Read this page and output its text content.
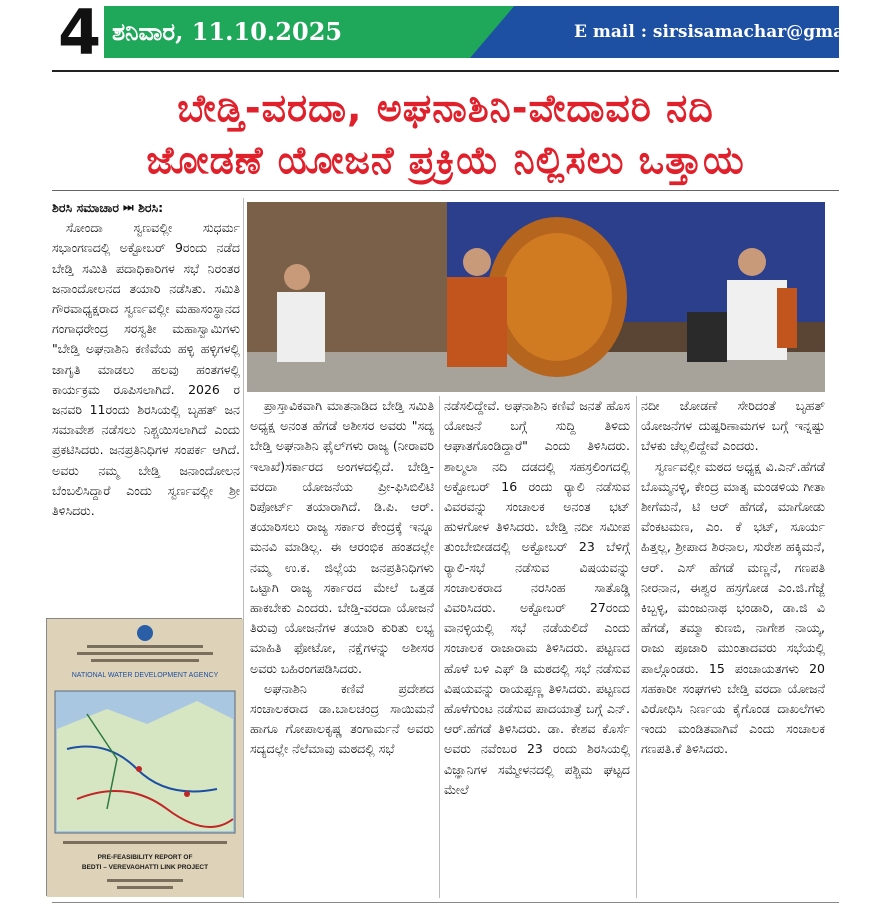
4 ಶನಿವಾರ, 11.10.2025	E mail : sirsisamachar@gmail.c
ಬೇಡ್ತಿ-ವರದಾ, ಅಘನಾಶಿನಿ-ವೇದಾವರಿ ನದಿ
ಜೋಡಣೆ ಯೋಜನೆ ಪ್ರಕ್ರಿಯೆ ನಿಲ್ಲಿಸಲು ಒತ್ತಾಯ
ಶಿರಸಿ ಸಮಾಚಾರ ⏭ ಶಿರಸಿ:

ಸೋಂದಾ ಸ್ವಣವಲ್ಲೀ ಸುಧರ್ಮ ಸಭಾಂಗಣದಲ್ಲಿ ಅಕ್ಟೋಬರ್ 9ರಂದು ನಡೆದ ಬೇಡ್ತಿ ಸಮಿತಿ ಪದಾಧಿಕಾರಿಗಳ ಸಭೆ ನಿರಂತರ ಜನಾಂದೋಲನದ ತಯಾರಿ ನಡೆಸಿತು. ಸಮಿತಿ ಗೌರವಾಧ್ಯಕ್ಷರಾದ ಸ್ವರ್ಣವಲ್ಲೀ ಮಹಾಸಂಸ್ಥಾನದ ಗಂಗಾಧರೇಂದ್ರ ಸರಸ್ವತೀ ಮಹಾಸ್ವಾಮಿಗಳು "ಬೇಡ್ತಿ ಅಘನಾಶಿನಿ ಕಣಿವೆಯ ಹಳ್ಳಿ ಹಳ್ಳಿಗಳಲ್ಲಿ ಜಾಗೃತಿ ಮಾಡಲು ಹಲವು ಹಂತಗಳಲ್ಲಿ ಕಾರ್ಯಕ್ರಮ ರೂಪಿಸಲಾಗಿದೆ. 2026 ರ ಜನವರಿ 11ರಂದು ಶಿರಸಿಯಲ್ಲಿ ಬೃಹತ್ ಜನ ಸಮಾವೇಶ ನಡೆಸಲು ನಿಶ್ಚಯಿಸಲಾಗಿದೆ ಎಂದು ಪ್ರಕಟಿಸಿದರು. ಜನಪ್ರತಿನಿಧಿಗಳ ಸಂಪರ್ಕ ಆಗಿದೆ. ಅವರು ನಮ್ಮ ಬೇಡ್ತಿ ಜನಾಂದೋಲನ ಬೆಂಬಲಿಸಿದ್ದಾರೆ ಎಂದು ಸ್ವರ್ಣವಲ್ಲೀ ಶ್ರೀ ತಿಳಿಸಿದರು.

NATIONAL WATER DEVELOPMENT AGENCY
PRE-FEASIBILITY REPORT OF
BEDTI – VEREVAGHATTI LINK PROJECT

ಪ್ರಾಸ್ತಾವಿಕವಾಗಿ ಮಾತನಾಡಿದ ಬೇಡ್ತಿ ಸಮಿತಿ ಅಧ್ಯಕ್ಷ ಅನಂತ ಹೆಗಡೆ ಅಶೀಸರ ಅವರು "ಸದ್ಯ ಬೇಡ್ತಿ ಅಘನಾಶಿನಿ ಫೈಲ್‌ಗಳು ರಾಜ್ಯ (ನೀರಾವರಿ ಇಲಾಖೆ)ಸರ್ಕಾರದ ಅಂಗಳದಲ್ಲಿದೆ. ಬೇಡ್ತಿ-ವರದಾ ಯೋಜನೆಯ ಪ್ರೀ-ಫಿಸಿಬಿಲಿಟಿ ರಿಪೋರ್ಟ್ ತಯಾರಾಗಿದೆ. ಡಿ.ಪಿ. ಆರ್. ತಯಾರಿಸಲು ರಾಜ್ಯ ಸರ್ಕಾರ ಕೇಂದ್ರಕ್ಕೆ ಇನ್ನೂ ಮನವಿ ಮಾಡಿಲ್ಲ. ಈ ಆರಂಭಿಕ ಹಂತದಲ್ಲೇ ನಮ್ಮ ಉ.ಕ. ಜಿಲ್ಲೆಯ ಜನಪ್ರತಿನಿಧಿಗಳು ಒಟ್ಟಾಗಿ ರಾಜ್ಯ ಸರ್ಕಾರದ ಮೇಲೆ ಒತ್ತಡ ಹಾಕಬೇಕು ಎಂದರು. ಬೇಡ್ತಿ-ವರದಾ ಯೋಜನೆ ತಿರುವು ಯೋಜನೆಗಳ ತಯಾರಿ ಕುರಿತು ಲಭ್ಯ ಮಾಹಿತಿ ಫೋಟೋ, ನಕ್ಷೆಗಳನ್ನು ಅಶೀಸರ ಅವರು ಬಹಿರಂಗಪಡಿಸಿದರು.

ಅಘನಾಶಿನಿ ಕಣಿವೆ ಪ್ರದೇಶದ ಸಂಚಾಲಕರಾದ ಡಾ.ಬಾಲಚಂದ್ರ ಸಾಯಿಮನೆ ಹಾಗೂ ಗೋಪಾಲಕೃಷ್ಣ ತಂಗಾರ್ಮನೆ ಅವರು ಸದ್ಯದಲ್ಲೇ ನೆಲೆಮಾವು ಮಠದಲ್ಲಿ ಸಭೆ

ನಡೆಸಲಿದ್ದೇವೆ. ಅಘನಾಶಿನಿ ಕಣಿವೆ ಜನತೆ ಹೊಸ ಯೋಜನೆ ಬಗ್ಗೆ ಸುದ್ದಿ ತಿಳಿದು ಆಘಾತಗೊಂಡಿದ್ದಾರೆ" ಎಂದು ತಿಳಿಸಿದರು. ಶಾಲ್ಮಲಾ ನದಿ ದಡದಲ್ಲಿ ಸಹಸ್ರಲಿಂಗದಲ್ಲಿ ಅಕ್ಟೋಬರ್ 16 ರಂದು ರ‍್ಯಾಲಿ ನಡೆಸುವ ವಿವರವನ್ನು ಸಂಚಾಲಕ ಅನಂತ ಭಟ್ ಹುಳಗೋಳ ತಿಳಿಸಿದರು. ಬೇಡ್ತಿ ನದೀ ಸಮೀಪ ತುಂಬೇಬೀಡದಲ್ಲಿ ಅಕ್ಟೋಬರ್ 23 ಬೆಳಿಗ್ಗೆ ರ‍್ಯಾಲಿ-ಸಭೆ ನಡೆಸುವ ವಿಷಯವನ್ನು ಸಂಚಾಲಕರಾದ ನರಸಿಂಹ ಸಾತೊಡ್ಡಿ ವಿವರಿಸಿದರು. ಅಕ್ಟೋಬರ್ 27ರಂದು ವಾನಳ್ಳಿಯಲ್ಲಿ ಸಭೆ ನಡೆಯಲಿದೆ ಎಂದು ಸಂಚಾಲಕ ರಾಜಾರಾಮ ತಿಳಿಸಿದರು. ಪಟ್ಟಣದ ಹೊಳೆ ಬಳಿ ಎಫ್ ಡಿ ಮಠದಲ್ಲಿ ಸಭೆ ನಡೆಸುವ ವಿಷಯವನ್ನು ರಾಯಪ್ಪಣ್ಣ ತಿಳಿಸಿದರು. ಪಟ್ಟಣದ ಹೊಳೆಗುಂಟ ನಡೆಸುವ ಪಾದಯಾತ್ರೆ ಬಗ್ಗೆ ಎನ್. ಆರ್.ಹೆಗಡೆ ತಿಳಿಸಿದರು. ಡಾ. ಕೇಶವ ಕೊರ್ಸೆ ಅವರು ನವೆಂಬರ 23 ರಂದು ಶಿರಸಿಯಲ್ಲಿ ವಿಜ್ಞಾನಿಗಳ ಸಮ್ಮೇಳನದಲ್ಲಿ ಪಶ್ಚಿಮ ಘಟ್ಟದ ಮೇಲೆ

ನದೀ ಜೋಡಣೆ ಸೇರಿದಂತೆ ಬೃಹತ್ ಯೋಜನೆಗಳ ದುಷ್ಪರಿಣಾಮಗಳ ಬಗ್ಗೆ ಇನ್ನಷ್ಟು ಬೆಳಕು ಚೆಲ್ಲಲಿದ್ದೇವೆ ಎಂದರು.

ಸ್ವರ್ಣವಲ್ಲೀ ಮಠದ ಅಧ್ಯಕ್ಷ ವಿ.ಎನ್.ಹೆಗಡೆ ಬೊಮ್ಮನಳ್ಳಿ, ಕೇಂದ್ರ ಮಾತೃ ಮಂಡಳಿಯ ಗೀತಾ ಶೀಗೆಮನೆ, ಟಿ ಆರ್ ಹೆಗಡೆ, ಮಾಗೋಡು ವೆಂಕಟಮಣ, ಎಂ. ಕೆ ಭಟ್, ಸೂರ್ಯ ಹಿತ್ತಲ್ಲ, ಶ್ರೀಪಾದ ಶಿರನಾಲ, ಸುರೇಶ ಹಕ್ಕಿಮನೆ, ಆರ್. ಎಸ್ ಹೆಗಡೆ ಮಣ್ಣನೆ, ಗಣಪತಿ ನೀರನಾನ, ಈಶ್ವರ ಹಸ್ರಗೋಡ ಎಂ.ಜಿ.ಗೆಜ್ಜೆ ಕಿಬ್ಬಳ್ಳಿ, ಮಂಜುನಾಥ ಭಂಡಾರಿ, ಡಾ.ಜಿ ವಿ ಹೆಗಡೆ, ತಮ್ಮಾ ಕುಣಬಿ, ನಾಗೇಶ ನಾಯ್ಕ, ರಾಜು ಪೂಜಾರಿ ಮುಂತಾದವರು ಸಭೆಯಲ್ಲಿ ಪಾಲ್ಗೊಂಡರು. 15 ಪಂಚಾಯತಗಳು 20 ಸಹಕಾರೀ ಸಂಘಗಳು ಬೇಡ್ತಿ ವರದಾ ಯೋಜನೆ ವಿರೋಧಿಸಿ ನಿರ್ಣಯ ಕೈಗೊಂಡ ದಾಖಲೆಗಳು ಇಂದು ಮಂಡಿತವಾಗಿವೆ ಎಂದು ಸಂಚಾಲಕ ಗಣಪತಿ.ಕೆ ತಿಳಿಸಿದರು.
